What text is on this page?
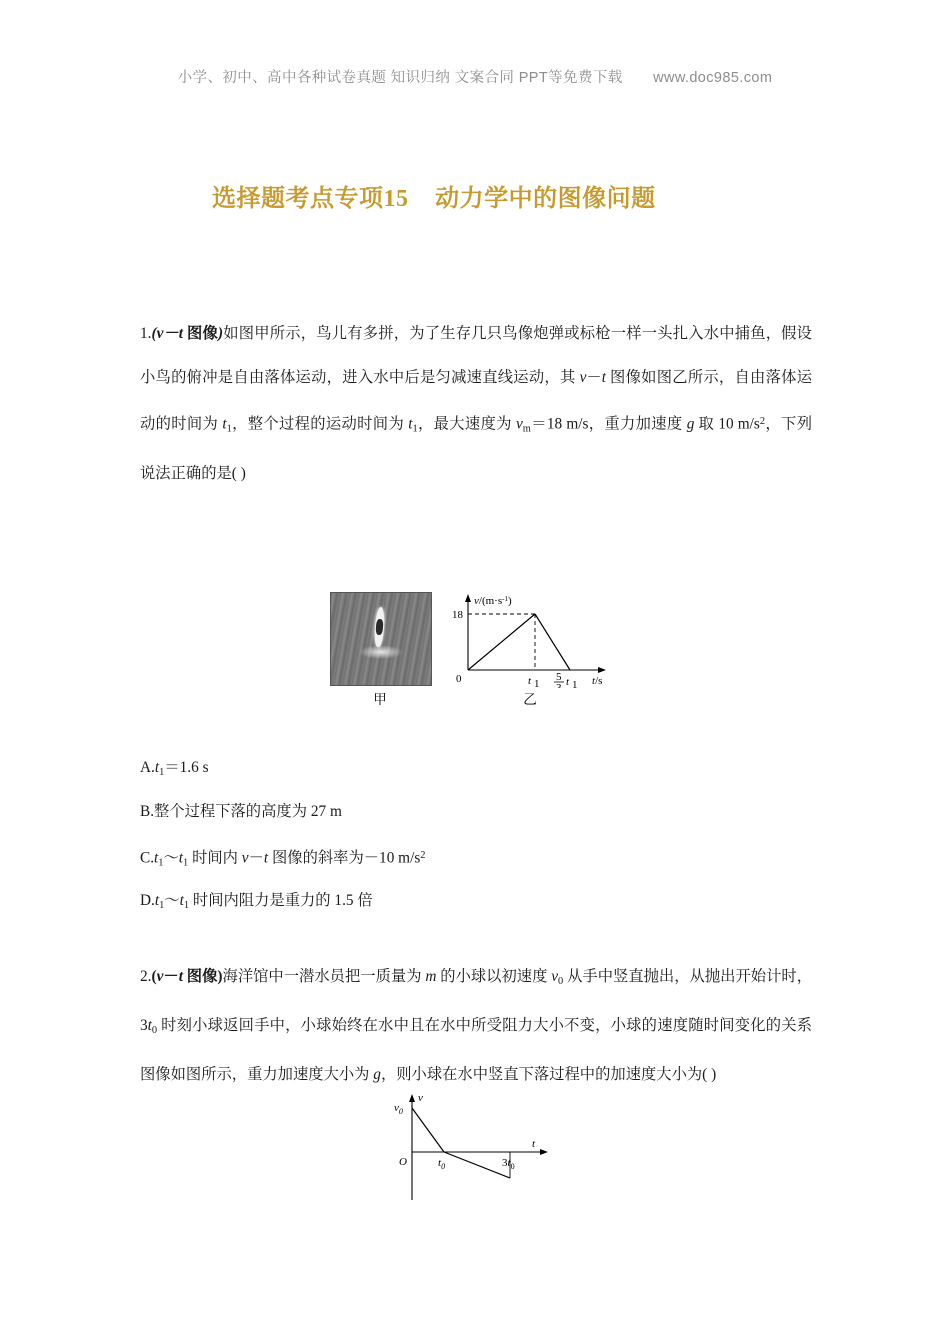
小学、初中、高中各种试卷真题 知识归纳 文案合同 PPT等免费下载 www.doc985.com
选择题考点专项15 动力学中的图像问题
1.(v－t 图像)如图甲所示，鸟儿有多拼，为了生存几只鸟像炮弹或标枪一样一头扎入水中捕鱼，假设小鸟的俯冲是自由落体运动，进入水中后是匀减速直线运动，其 v－t 图像如图乙所示，自由落体运动的时间为 $t_1$，整个过程的运动时间为 $t_1$，最大速度为 $v_m=18$ m/s，重力加速度 g 取 10 $m/s^2$，下列说法正确的是( )
甲
18
0	t 1
5
3 t 1 t/s
$v/(m\cdot s^{-1})$
乙
$A.t_1=1.6$ s
B.整个过程下落的高度为 27 m
$C.t_1\sim t_1$ 时间内 v－t 图像的斜率为－10 $m/s^2$
$D.t_1\sim t_1$ 时间内阻力是重力的 1.5 倍
2.(v－t 图像)海洋馆中一潜水员把一质量为 m 的小球以初速度 $v_0$ 从手中竖直抛出，从抛出开始计时，$3t_0$ 时刻小球返回手中，小球始终在水中且在水中所受阻力大小不变，小球的速度随时间变化的关系图像如图所示，重力加速度大小为 g，则小球在水中竖直下落过程中的加速度大小为( )
$v_0$
v
O	$t_0$	$3t_0$
t
